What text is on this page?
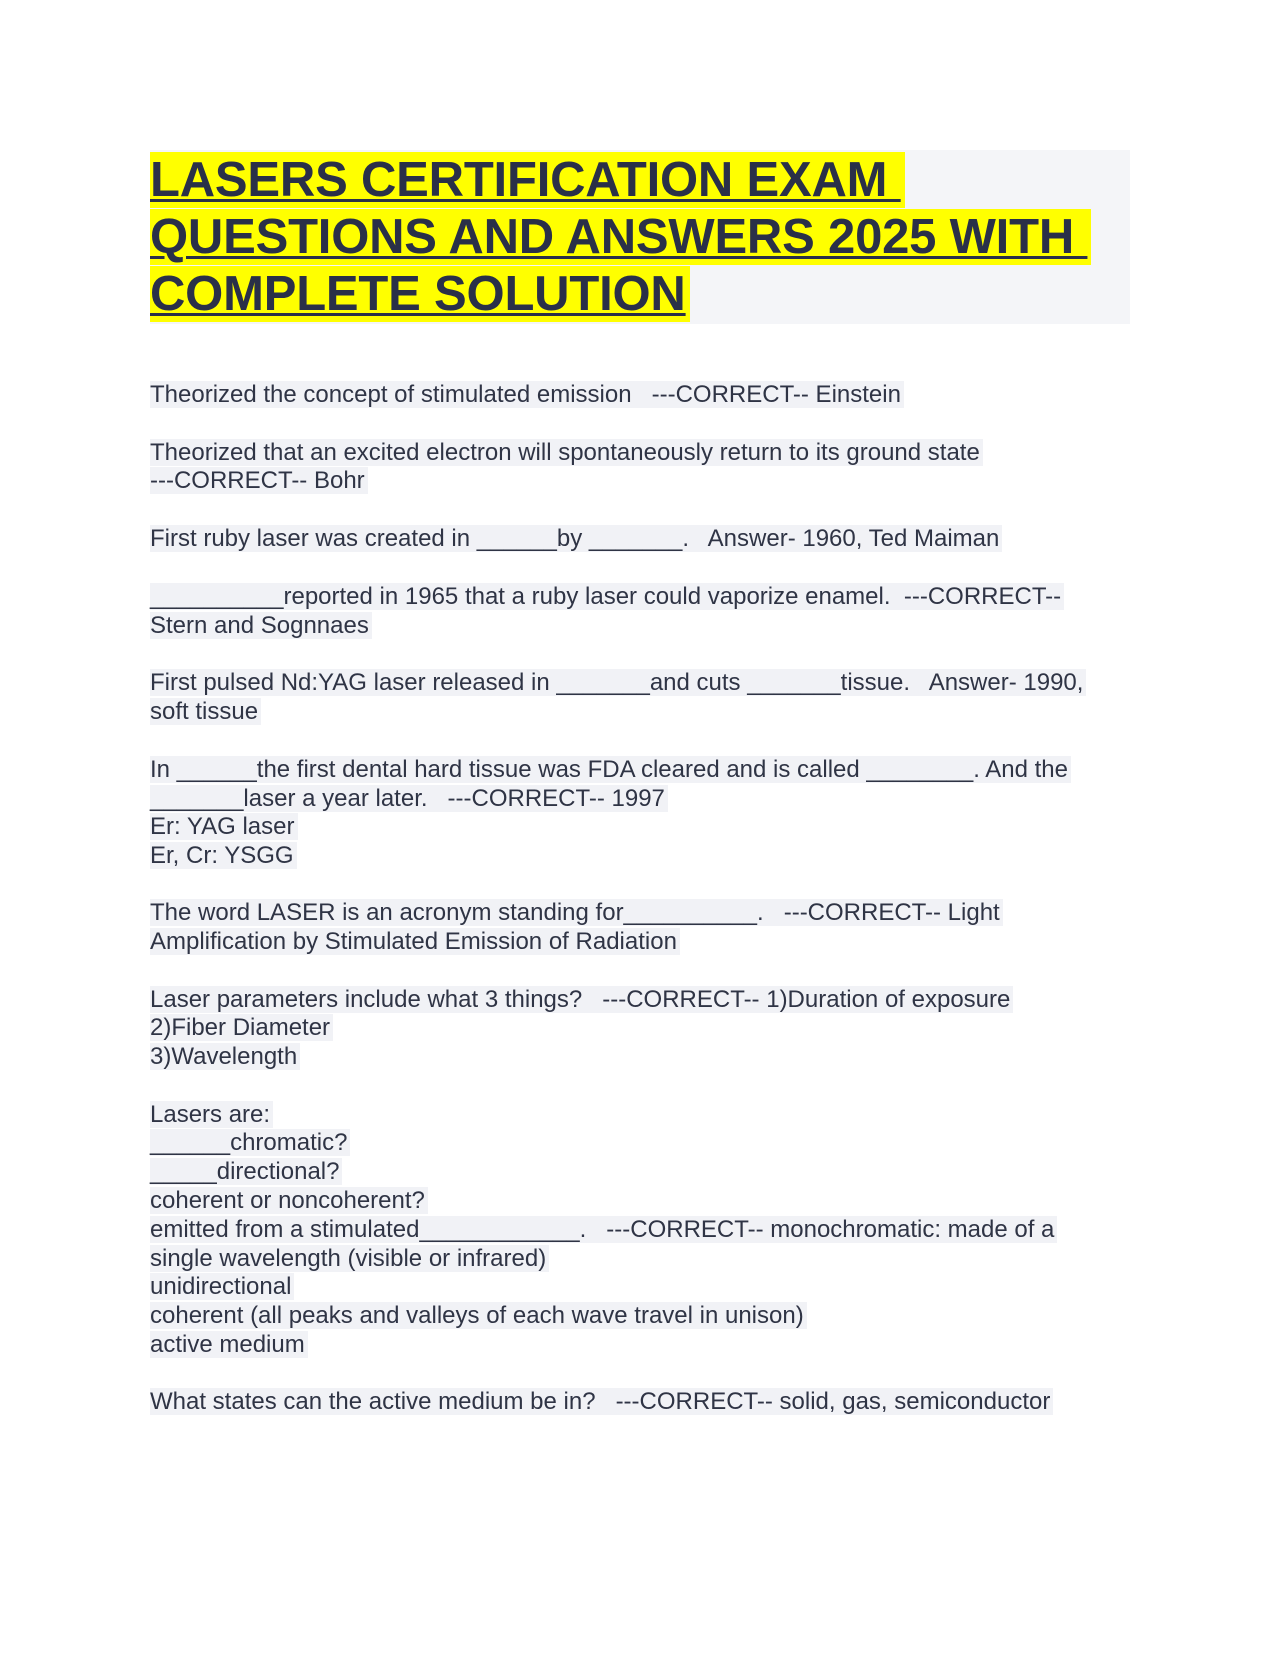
LASERS CERTIFICATION EXAM
QUESTIONS AND ANSWERS 2025 WITH
COMPLETE SOLUTION
Theorized the concept of stimulated emission   ---CORRECT-- Einstein
Theorized that an excited electron will spontaneously return to its ground state
---CORRECT-- Bohr
First ruby laser was created in ______by _______.   Answer- 1960, Ted Maiman
__________reported in 1965 that a ruby laser could vaporize enamel.  ---CORRECT--
Stern and Sognnaes
First pulsed Nd:YAG laser released in _______and cuts _______tissue.   Answer- 1990,
soft tissue
In ______the first dental hard tissue was FDA cleared and is called ________. And the
_______laser a year later.   ---CORRECT-- 1997
Er: YAG laser
Er, Cr: YSGG
The word LASER is an acronym standing for__________.   ---CORRECT-- Light
Amplification by Stimulated Emission of Radiation
Laser parameters include what 3 things?   ---CORRECT-- 1)Duration of exposure
2)Fiber Diameter
3)Wavelength
Lasers are:
______chromatic?
_____directional?
coherent or noncoherent?
emitted from a stimulated____________.   ---CORRECT-- monochromatic: made of a
single wavelength (visible or infrared)
unidirectional
coherent (all peaks and valleys of each wave travel in unison)
active medium
What states can the active medium be in?   ---CORRECT-- solid, gas, semiconductor
